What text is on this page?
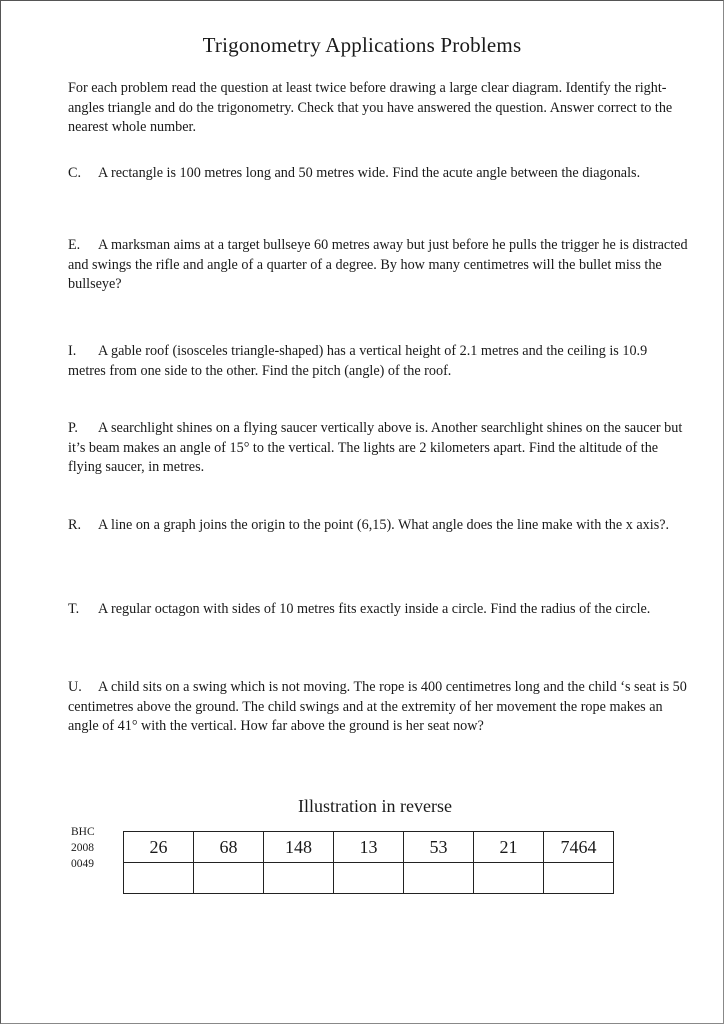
Trigonometry Applications Problems
For each problem read the question at least twice before drawing a large clear diagram. Identify the right-angles triangle and do the trigonometry. Check that you have answered the question. Answer correct to the nearest whole number.
C. A rectangle is 100 metres long and 50 metres wide. Find the acute angle between the diagonals.
E. A marksman aims at a target bullseye 60 metres away but just before he pulls the trigger he is distracted and swings the rifle and angle of a quarter of a degree. By how many centimetres will the bullet miss the bullseye?
I. A gable roof (isosceles triangle-shaped) has a vertical height of 2.1 metres and the ceiling is 10.9 metres from one side to the other. Find the pitch (angle) of the roof.
P. A searchlight shines on a flying saucer vertically above is. Another searchlight shines on the saucer but it’s beam makes an angle of 15° to the vertical. The lights are 2 kilometers apart. Find the altitude of the flying saucer, in metres.
R. A line on a graph joins the origin to the point (6,15). What angle does the line make with the x axis?.
T. A regular octagon with sides of 10 metres fits exactly inside a circle. Find the radius of the circle.
U. A child sits on a swing which is not moving. The rope is 400 centimetres long and the child ‘s seat is 50 centimetres above the ground. The child swings and at the extremity of her movement the rope makes an angle of 41° with the vertical. How far above the ground is her seat now?
Illustration in reverse
BHC
2008
0049
26	68	148	13	53	21	7464
